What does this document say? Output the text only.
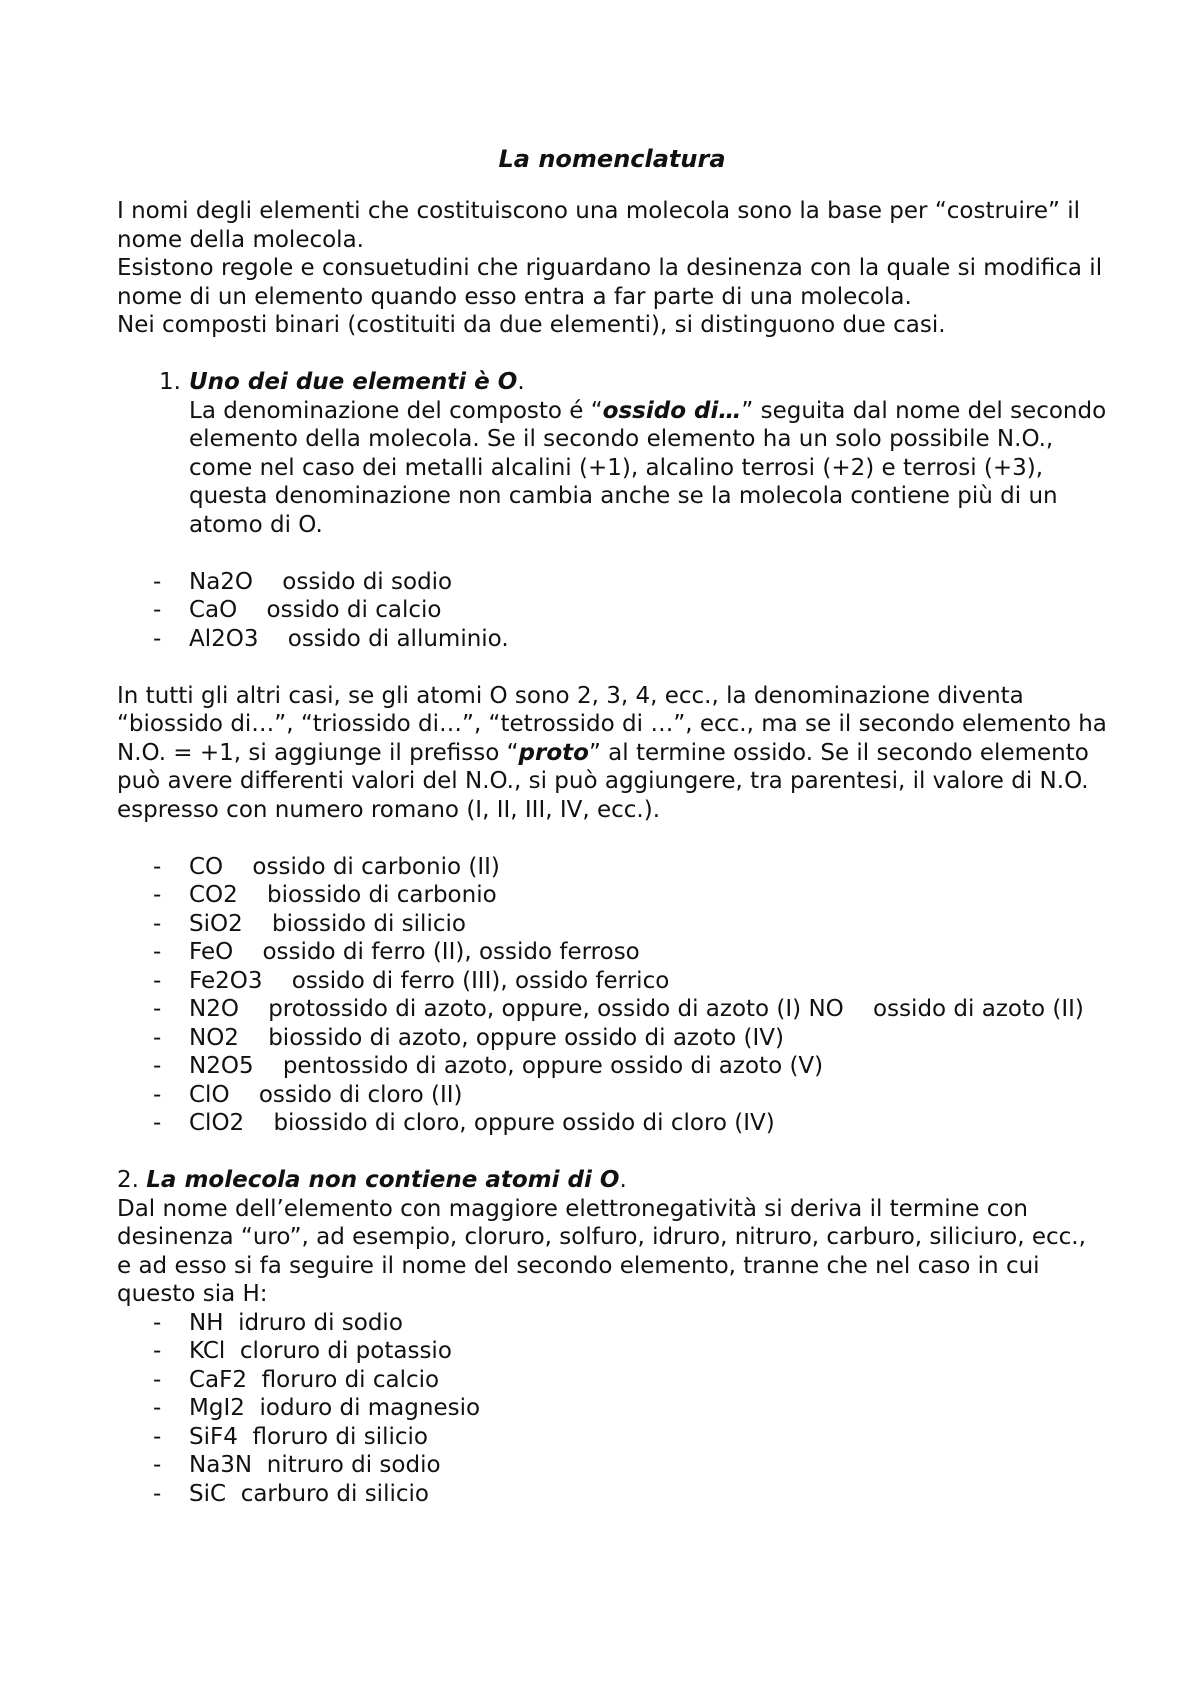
La nomenclatura

I nomi degli elementi che costituiscono una molecola sono la base per “costruire” il nome della molecola.

Esistono regole e consuetudini che riguardano la desinenza con la quale si modifica il nome di un elemento quando esso entra a far parte di una molecola.

Nei composti binari (costituiti da due elementi), si distinguono due casi.

1. Uno dei due elementi è O.

La denominazione del composto é “ossido di…” seguita dal nome del secondo elemento della molecola. Se il secondo elemento ha un solo possibile N.O., come nel caso dei metalli alcalini (+1), alcalino terrosi (+2) e terrosi (+3), questa denominazione non cambia anche se la molecola contiene più di un atomo di O.

-	Na2O ossido di sodio
-	CaO ossido di calcio
-	Al2O3 ossido di alluminio.

In tutti gli altri casi, se gli atomi O sono 2, 3, 4, ecc., la denominazione diventa “biossido di…”, “triossido di…”, “tetrossido di …”, ecc., ma se il secondo elemento ha N.O. = +1, si aggiunge il prefisso “proto” al termine ossido. Se il secondo elemento può avere differenti valori del N.O., si può aggiungere, tra parentesi, il valore di N.O. espresso con numero romano (I, II, III, IV, ecc.).

-	CO ossido di carbonio (II)
-	CO2 biossido di carbonio
-	SiO2 biossido di silicio
-	FeO ossido di ferro (II), ossido ferroso
-	Fe2O3 ossido di ferro (III), ossido ferrico
-	N2O protossido di azoto, oppure, ossido di azoto (I) NO    ossido di azoto (II)
-	NO2 biossido di azoto, oppure ossido di azoto (IV)
-	N2O5 pentossido di azoto, oppure ossido di azoto (V)
-	ClO ossido di cloro (II)
-	ClO2 biossido di cloro, oppure ossido di cloro (IV)

2. La molecola non contiene atomi di O.

Dal nome dell’elemento con maggiore elettronegatività si deriva il termine con desinenza “uro”, ad esempio, cloruro, solfuro, idruro, nitruro, carburo, siliciuro, ecc., e ad esso si fa seguire il nome del secondo elemento, tranne che nel caso in cui questo sia H:

-	NH idruro di sodio
-	KCl cloruro di potassio
-	CaF2 floruro di calcio
-	MgI2 ioduro di magnesio
-	SiF4 floruro di silicio
-	Na3N nitruro di sodio
-	SiC carburo di silicio
